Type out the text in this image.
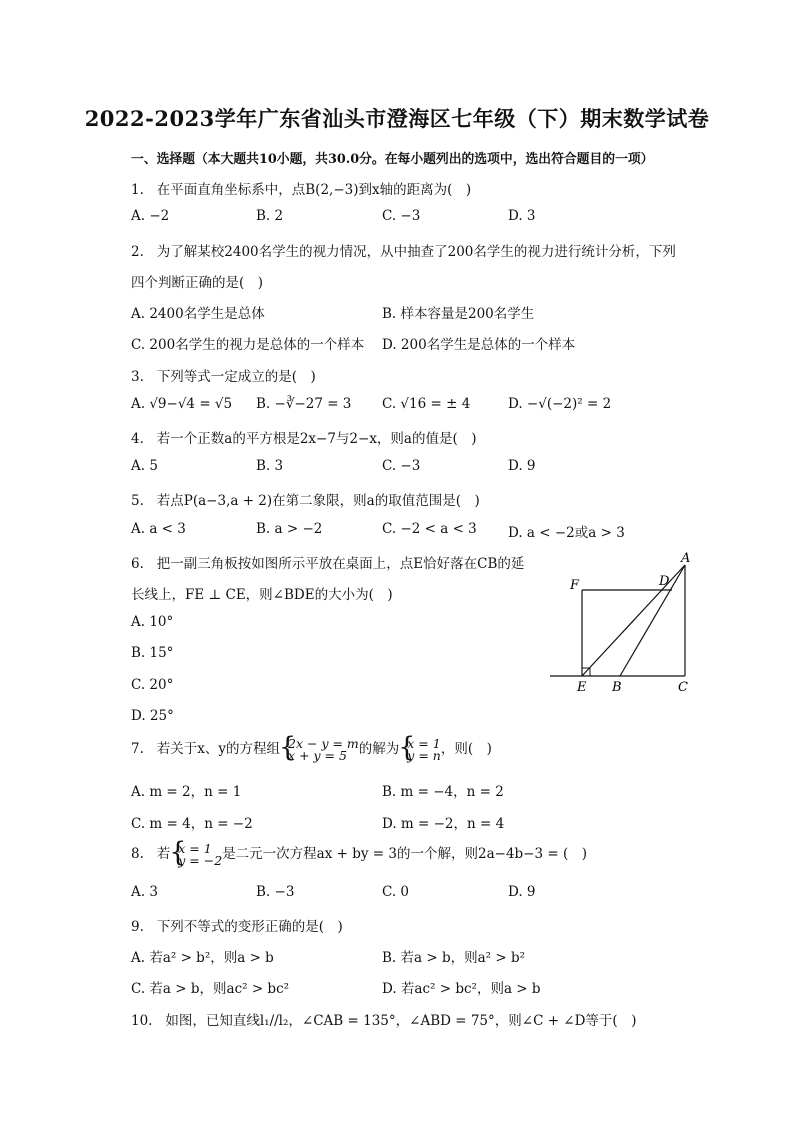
2022-2023学年广东省汕头市澄海区七年级（下）期末数学试卷
一、选择题（本大题共10小题，共30.0分。在每小题列出的选项中，选出符合题目的一项）
1. 在平面直角坐标系中，点B(2,−3)到x轴的距离为(　)
A. −2	B. 2	C. −3	D. 3
2. 为了解某校2400名学生的视力情况，从中抽查了200名学生的视力进行统计分析，下列
四个判断正确的是(　)
A. 2400名学生是总体	B. 样本容量是200名学生
C. 200名学生的视力是总体的一个样本 D. 200名学生是总体的一个样本
3. 下列等式一定成立的是(　)
A. √9−√4 = √5 B. −∛−27 = 3 C. √16 = ± 4	D. −√(−2)² = 2
4. 若一个正数a的平方根是2x−7与2−x，则a的值是(　)
A. 5	B. 3	C. −3	D. 9
5. 若点P(a−3,a + 2)在第二象限，则a的取值范围是(　)
A. a < 3	B. a > −2	C. −2 < a < 3 D. a < −2或a > 3
6. 把一副三角板按如图所示平放在桌面上，点E恰好落在CB的延
长线上，FE ⊥ CE，则∠BDE的大小为(　)
A. 10°
B. 15°
C. 20°
D. 25°
A
D
F
E B	C
7. 若关于x、y的方程组 { 2x − y = m
x + y = 5 的解为 { x = 1
y = n ，则(　)
A. m = 2，n = 1	B. m = −4，n = 2
C. m = 4，n = −2	D. m = −2，n = 4
8. 若 { x = 1
y = −2 是二元一次方程ax + by = 3的一个解，则2a−4b−3 = (　)
A. 3	B. −3	C. 0	D. 9
9. 下列不等式的变形正确的是(　)
A. 若a² > b²，则a > b	B. 若a > b，则a² > b²
C. 若a > b，则ac² > bc²	D. 若ac² > bc²，则a > b
10. 如图，已知直线l₁//l₂，∠CAB = 135°，∠ABD = 75°，则∠C + ∠D等于(　)
